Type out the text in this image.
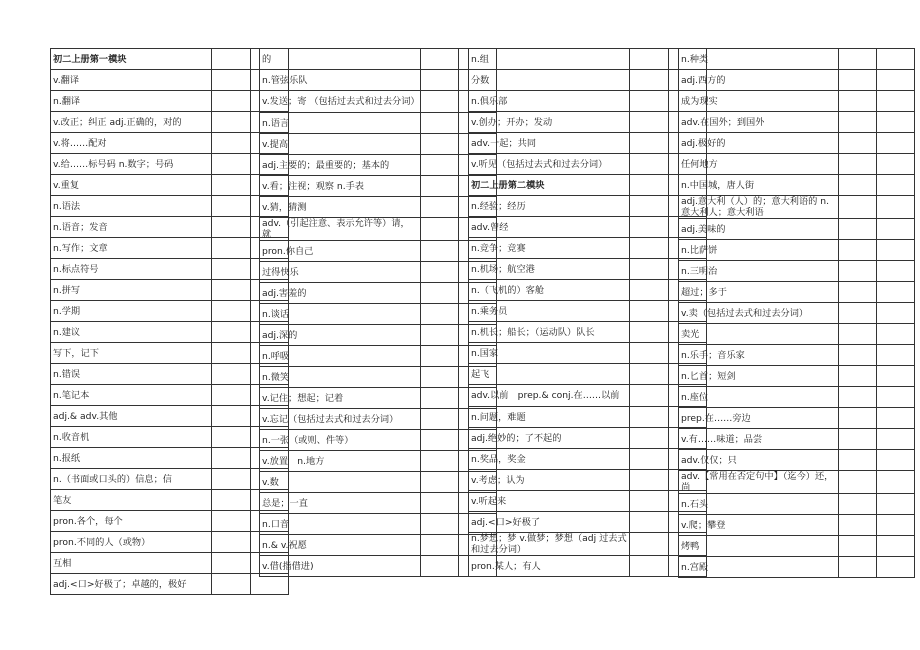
初二上册第一模块		
v.翻译		
n.翻译		
v.改正；纠正 adj.正确的，对的		
v.将……配对		
v.给……标号码 n.数字；号码		
v.重复		
n.语法		
n.语音；发音		
n.写作；文章		
n.标点符号		
n.拼写		
n.学期		
n.建议		
写下，记下		
n.错误		
n.笔记本		
adj.& adv.其他		
n.收音机		
n.报纸		
n.（书面或口头的）信息；信		
笔友		
pron.各个，每个		
pron.不同的人（或物）		
互相		
adj.<口>好极了；卓越的，极好		
的		
n.管弦乐队		
v.发送；寄 （包括过去式和过去分词）		
n.语言		
v.提高		
adj.主要的；最重要的；基本的		
v.看；注视；观察 n.手表		
v.猜，猜测		
adv.（引起注意、表示允许等）请，就		
pron.你自己		
过得快乐		
adj.害羞的		
n.谈话		
adj.深的		
n.呼吸		
n.微笑		
v.记住；想起；记着		
v.忘记（包括过去式和过去分词）		
n.一张（或则、件等）		
v.放置　n.地方		
v.数		
总是；一直		
n.口音		
n.& v.祝愿		
v.借(指借进)		
n.组		
分数		
n.俱乐部		
v.创办；开办；发动		
adv.一起；共同		
v.听见（包括过去式和过去分词）		
初二上册第二模块		
n.经验；经历		
adv.曾经		
n.竞争；竞赛		
n.机场；航空港		
n.（飞机的）客舱		
n.乘务员		
n.机长；船长；（运动队）队长		
n.国家		
起飞		
adv.以前　prep.& conj.在……以前		
n.问题，难题		
adj.绝妙的；了不起的		
n.奖品，奖金		
v.考虑；认为		
v.听起来		
adj.<口>好极了		
n.梦想；梦 v.做梦；梦想（adj 过去式和过去分词）		
pron.某人；有人		
n.种类		
adj.西方的		
成为现实		
adv.在国外；到国外		
adj.极好的		
任何地方		
n.中国城，唐人街		
adj.意大利（人）的；意大利语的 n.意大利人；意大利语		
adj.美味的		
n.比萨饼		
n.三明治		
超过；多于		
v.卖（包括过去式和过去分词）		
卖光		
n.乐手；音乐家		
n.匕首；短剑		
n.座位		
prep.在……旁边		
v.有……味道；品尝		
adv.仅仅；只		
adv.【常用在否定句中】（迄今）还，尚		
n.石头		
v.爬；攀登		
烤鸭		
n.宫殿		
